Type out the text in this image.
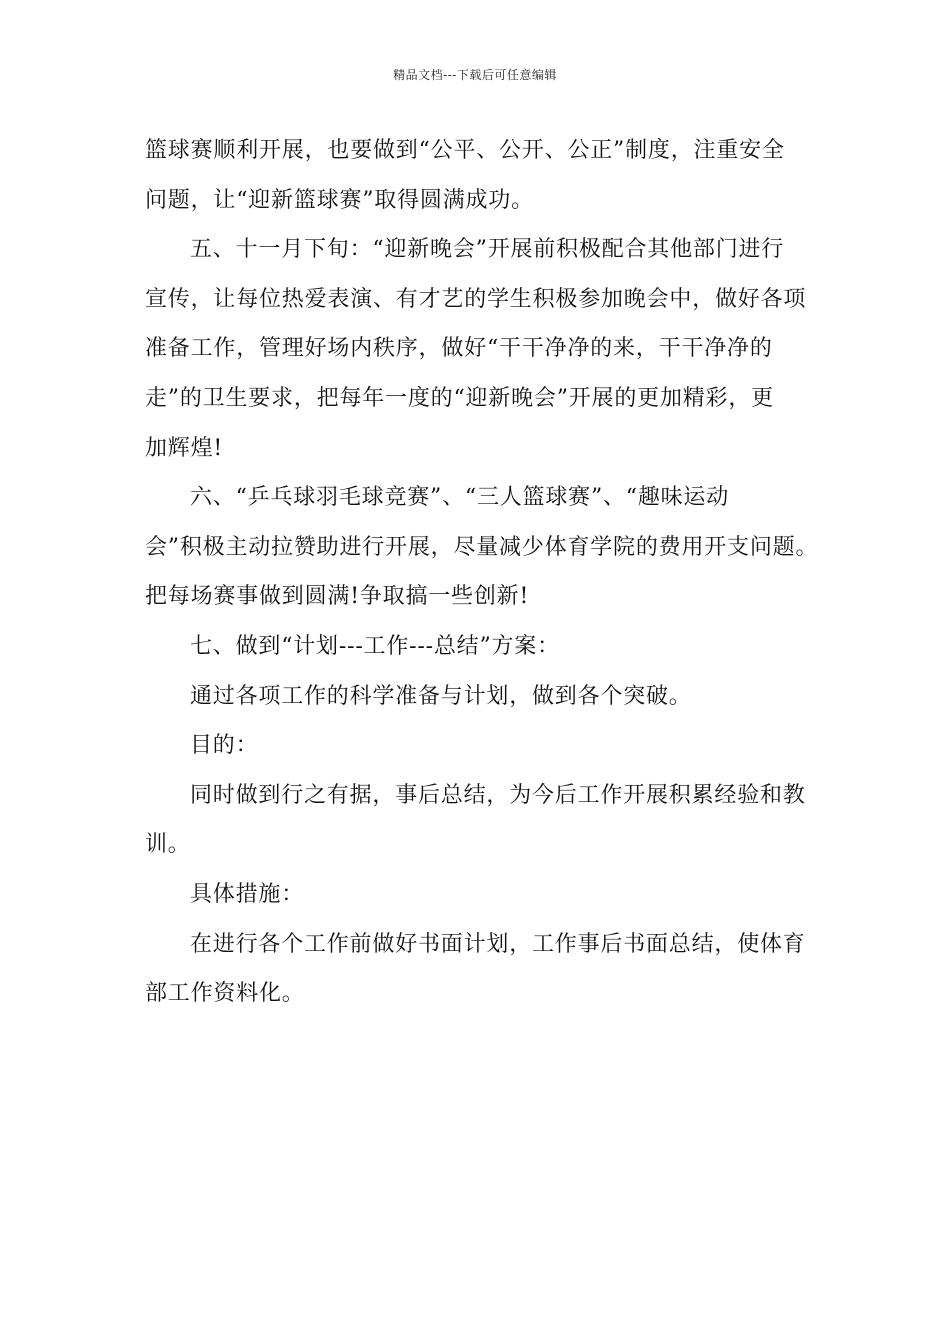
精品文档---下载后可任意编辑
篮球赛顺利开展，也要做到“公平、公开、公正”制度，注重安全
问题，让“迎新篮球赛”取得圆满成功。
五、十一月下旬：“迎新晚会”开展前积极配合其他部门进行
宣传，让每位热爱表演、有才艺的学生积极参加晚会中，做好各项
准备工作，管理好场内秩序，做好“干干净净的来，干干净净的
走”的卫生要求，把每年一度的“迎新晚会”开展的更加精彩，更
加辉煌!
六、“乒乓球羽毛球竞赛”、“三人篮球赛”、“趣味运动
会”积极主动拉赞助进行开展，尽量减少体育学院的费用开支问题。
把每场赛事做到圆满!争取搞一些创新!
七、做到“计划---工作---总结”方案：
通过各项工作的科学准备与计划，做到各个突破。
目的：
同时做到行之有据，事后总结，为今后工作开展积累经验和教
训。
具体措施：
在进行各个工作前做好书面计划，工作事后书面总结，使体育
部工作资料化。
